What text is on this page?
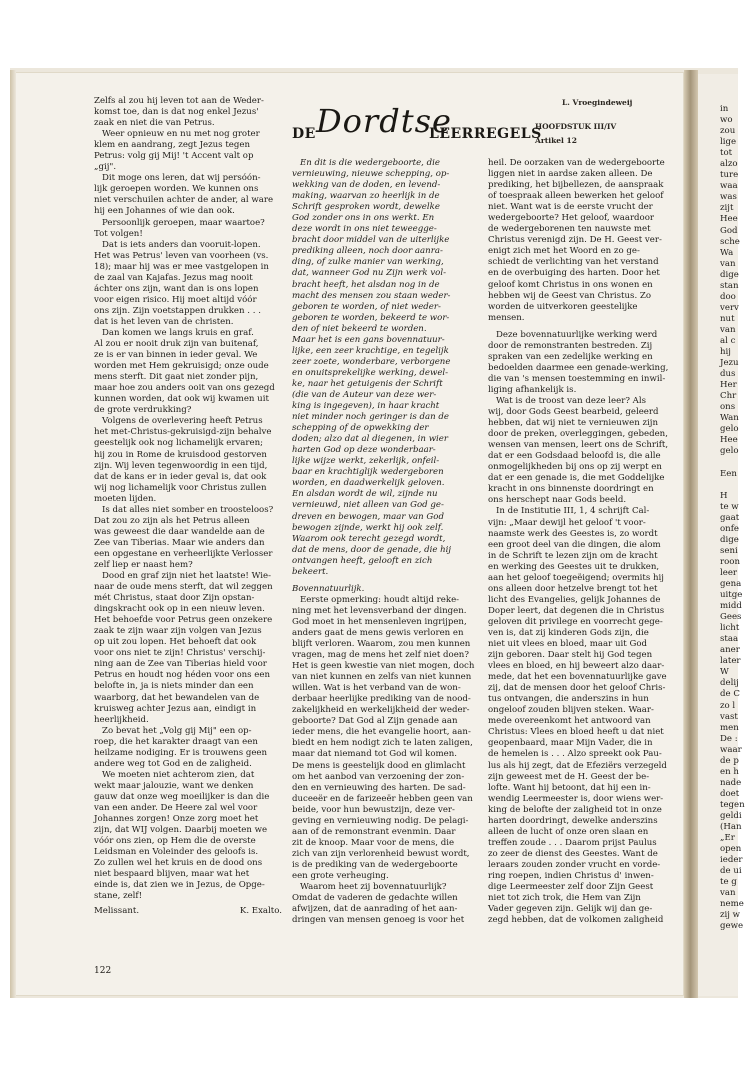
in
wo
zou
lige
tot
alzo
ture
waa
was
zijt
Hee
God
sche
Wa
van
dige
stan
doo
verv
nut
van
al c
hij
Jezu
dus
Her
Chr
ons
Wan
gelo
Hee
gelo

Een

H
te w
gaat
onfe
dige
seni
roon
leer
gena
uitge
midd
Gees
licht
staa
aner
later
W
delij
de C
zo l
vast
men
De :
waar
de p
en h
nade
doet
tegen
geldi
(Han
„Er
open
ieder
de ui
te g
van
neme
zij w
gewe
DE Dordtse
LEERREGELS
L. Vroegindeweij
HOOFDSTUK III/IV
Artikel 12
Zelfs al zou hij leven tot aan de Weder-
komst toe, dan is dat nog enkel Jezus'
zaak en niet die van Petrus.
Weer opnieuw en nu met nog groter
klem en aandrang, zegt Jezus tegen
Petrus: volg gij Mij! 't Accent valt op
„gij".
Dit moge ons leren, dat wij persóón-
lijk geroepen worden. We kunnen ons
niet verschuilen achter de ander, al ware
hij een Johannes of wie dan ook.
Persoonlijk geroepen, maar waartoe?
Tot volgen!
Dat is iets anders dan vooruit-lopen.
Het was Petrus' leven van voorheen (vs.
18); maar hij was er mee vastgelopen in
de zaal van Kajafas. Jezus mag nooit
áchter ons zijn, want dan is ons lopen
voor eigen risico. Hij moet altijd vóór
ons zijn. Zijn voetstappen drukken . . .
dat is het leven van de christen.
Dan komen we langs kruis en graf.
Al zou er nooit druk zijn van buitenaf,
ze is er van binnen in ieder geval. We
worden met Hem gekruisigd; onze oude
mens sterft. Dit gaat niet zonder pijn,
maar hoe zou anders ooit van ons gezegd
kunnen worden, dat ook wij kwamen uit
de grote verdrukking?
Volgens de overlevering heeft Petrus
het met-Christus-gekruisigd-zijn behalve
geestelijk ook nog lichamelijk ervaren;
hij zou in Rome de kruisdood gestorven
zijn. Wij leven tegenwoordig in een tijd,
dat de kans er in ieder geval is, dat ook
wij nog lichamelijk voor Christus zullen
moeten lijden.
Is dat alles niet somber en troosteloos?
Dat zou zo zijn als het Petrus alleen
was geweest die daar wandelde aan de
Zee van Tiberias. Maar wie anders dan
een opgestane en verheerlijkte Verlosser
zelf liep er naast hem?
Dood en graf zijn niet het laatste! Wie-
naar de oude mens sterft, dat wil zeggen
mét Christus, staat door Zijn opstan-
dingskracht ook op in een nieuw leven.
Het behoefde voor Petrus geen onzekere
zaak te zijn waar zijn volgen van Jezus
op uit zou lopen. Het behoeft dat ook
voor ons niet te zijn! Christus' verschij-
ning aan de Zee van Tiberias hield voor
Petrus en houdt nog héden voor ons een
belofte in, ja is niets minder dan een
waarborg, dat het bewandelen van de
kruisweg achter Jezus aan, eindigt in
heerlijkheid.
Zo bevat het „Volg gij Mij" een op-
roep, die het karakter draagt van een
heilzame nodiging. Er is trouwens geen
andere weg tot God en de zaligheid.
We moeten niet achterom zien, dat
wekt maar jalouzie, want we denken
gauw dat onze weg moeilijker is dan die
van een ander. De Heere zal wel voor
Johannes zorgen! Onze zorg moet het
zijn, dat WIJ volgen. Daarbij moeten we
vóór ons zien, op Hem die de overste
Leidsman en Voleinder des geloofs is.
Zo zullen wel het kruis en de dood ons
niet bespaard blijven, maar wat het
einde is, dat zien we in Jezus, de Opge-
stane, zelf!
Melissant.	K. Exalto.
En dit is die wedergeboorte, die
vernieuwing, nieuwe schepping, op-
wekking van de doden, en levend-
making, waarvan zo heerlijk in de
Schrift gesproken wordt, dewelke
God zonder ons in ons werkt. En
deze wordt in ons niet teweegge-
bracht door middel van de uiterlijke
prediking alleen, noch door aanra-
ding, of zulke manier van werking,
dat, wanneer God nu Zijn werk vol-
bracht heeft, het alsdan nog in de
macht des mensen zou staan weder-
geboren te worden, of niet weder-
geboren te worden, bekeerd te wor-
den of niet bekeerd te worden.
Maar het is een gans bovennatuur-
lijke, een zeer krachtige, en tegelijk
zeer zoete, wonderbare, verborgene
en onuitsprekelijke werking, dewel-
ke, naar het getuigenis der Schrift
(die van de Auteur van deze wer-
king is ingegeven), in haar kracht
niet minder noch geringer is dan de
schepping of de opwekking der
doden; alzo dat al diegenen, in wier
harten God op deze wonderbaar-
lijke wijze werkt, zekerlijk, onfeil-
baar en krachtiglijk wedergeboren
worden, en daadwerkelijk geloven.
En alsdan wordt de wil, zijnde nu
vernieuwd, niet alleen van God ge-
dreven en bewogen, maar van God
bewogen zijnde, werkt hij ook zelf.
Waarom ook terecht gezegd wordt,
dat de mens, door de genade, die hij
ontvangen heeft, gelooft en zich
bekeert.
Bovennatuurlijk.
Eerste opmerking: houdt altijd reke-
ning met het levensverband der dingen.
God moet in het mensenleven ingrijpen,
anders gaat de mens gewis verloren en
blijft verloren. Waarom, zou men kunnen
vragen, mag de mens het zelf niet doen?
Het is geen kwestie van niet mogen, doch
van niet kunnen en zelfs van niet kunnen
willen. Wat is het verband van de won-
derbaar heerlijke prediking van de nood-
zakelijkheid en werkelijkheid der weder-
geboorte? Dat God al Zijn genade aan
ieder mens, die het evangelie hoort, aan-
biedt en hem nodigt zich te laten zaligen,
maar dat niemand tot God wil komen.
De mens is geestelijk dood en glimlacht
om het aanbod van verzoening der zon-
den en vernieuwing des harten. De sad-
duceeër en de farizeeër hebben geen van
beide, voor hun bewustzijn, deze ver-
geving en vernieuwing nodig. De pelagi-
aan of de remonstrant evenmin. Daar
zit de knoop. Maar voor de mens, die
zich van zijn verlorenheid bewust wordt,
is de prediking van de wedergeboorte
een grote verheuging.
Waarom heet zij bovennatuurlijk?
Omdat de vaderen de gedachte willen
afwijzen, dat de aanrading of het aan-
dringen van mensen genoeg is voor het
heil. De oorzaken van de wedergeboorte
liggen niet in aardse zaken alleen. De
prediking, het bijbellezen, de aanspraak
of toespraak alleen bewerken het geloof
niet. Want wat is de eerste vrucht der
wedergeboorte? Het geloof, waardoor
de wedergeborenen ten nauwste met
Christus verenigd zijn. De H. Geest ver-
enigt zich met het Woord en zo ge-
schiedt de verlichting van het verstand
en de overbuiging des harten. Door het
geloof komt Christus in ons wonen en
hebben wij de Geest van Christus. Zo
worden de uitverkoren geestelijke
mensen.
Deze bovennatuurlijke werking werd
door de remonstranten bestreden. Zij
spraken van een zedelijke werking en
bedoelden daarmee een genade-werking,
die van 's mensen toestemming en inwil-
liging afhankelijk is.
Wat is de troost van deze leer? Als
wij, door Gods Geest bearbeid, geleerd
hebben, dat wij niet te vernieuwen zijn
door de preken, overleggingen, gebeden,
wensen van mensen, leert ons de Schrift,
dat er een Godsdaad beloofd is, die alle
onmogelijkheden bij ons op zij werpt en
dat er een genade is, die met Goddelijke
kracht in ons binnenste doordringt en
ons herschept naar Gods beeld.
In de Institutie III, 1, 4 schrijft Cal-
vijn: „Maar dewijl het geloof 't voor-
naamste werk des Geestes is, zo wordt
een groot deel van die dingen, die alom
in de Schrift te lezen zijn om de kracht
en werking des Geestes uit te drukken,
aan het geloof toegeëigend; overmits hij
ons alleen door hetzelve brengt tot het
licht des Evangelies, gelijk Johannes de
Doper leert, dat degenen die in Christus
geloven dit privilege en voorrecht gege-
ven is, dat zij kinderen Gods zijn, die
niet uit vlees en bloed, maar uit God
zijn geboren. Daar stelt hij God tegen
vlees en bloed, en hij beweert alzo daar-
mede, dat het een bovennatuurlijke gave
zij, dat de mensen door het geloof Chris-
tus ontvangen, die anderszins in hun
ongeloof zouden blijven steken. Waar-
mede overeenkomt het antwoord van
Christus: Vlees en bloed heeft u dat niet
geopenbaard, maar Mijn Vader, die in
de hemelen is . . . Alzo spreekt ook Pau-
lus als hij zegt, dat de Efeziërs verzegeld
zijn geweest met de H. Geest der be-
lofte. Want hij betoont, dat hij een in-
wendig Leermeester is, door wiens wer-
king de belofte der zaligheid tot in onze
harten doordringt, dewelke anderszins
alleen de lucht of onze oren slaan en
treffen zoude . . . Daarom prijst Paulus
zo zeer de dienst des Geestes. Want de
leraars zouden zonder vrucht en vorde-
ring roepen, indien Christus d' inwen-
dige Leermeester zelf door Zijn Geest
niet tot zich trok, die Hem van Zijn
Vader gegeven zijn. Gelijk wij dan ge-
zegd hebben, dat de volkomen zaligheid
122
